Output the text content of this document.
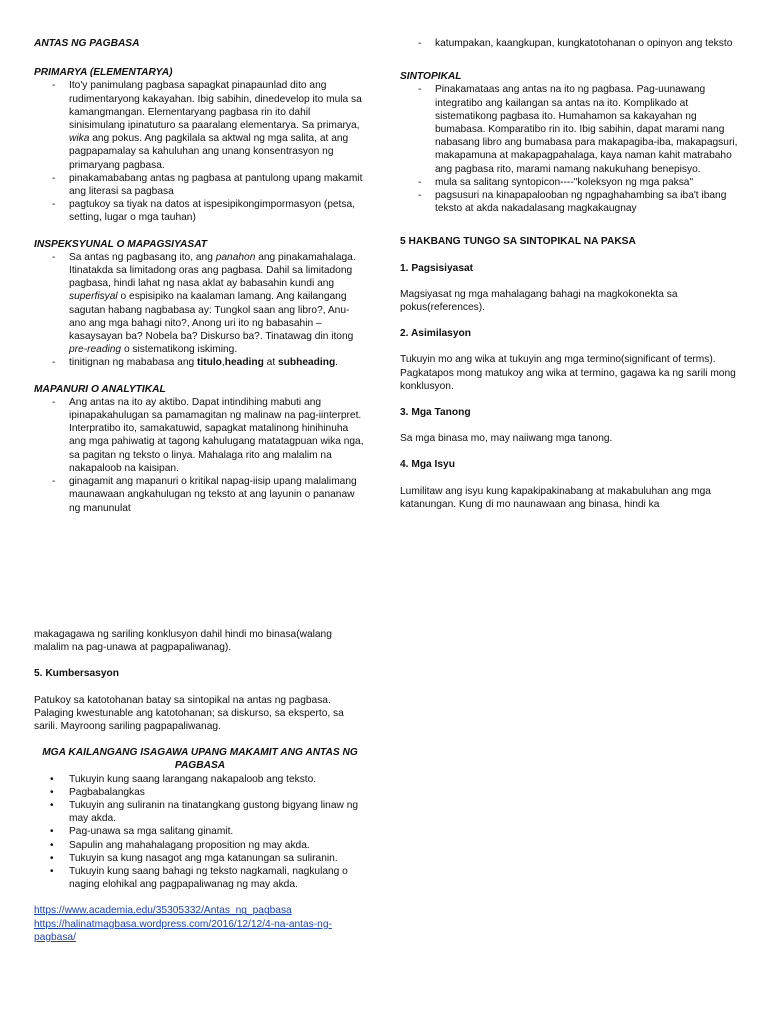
ANTAS NG PAGBASA

PRIMARYA (ELEMENTARYA)

- Ito'y panimulang pagbasa sapagkat pinapaunlad dito ang rudimentaryong kakayahan. Ibig sabihin, dinedevelop ito mula sa kamangmangan. Elementaryang pagbasa rin ito dahil sinisimulang ipinatuturo sa paaralang elementarya. Sa primarya, wika ang pokus. Ang pagkilala sa aktwal ng mga salita, at ang pagpapamalay sa kahuluhan ang unang konsentrasyon ng primaryang pagbasa.
- pinakamababang antas ng pagbasa at pantulong upang makamit ang literasi sa pagbasa
- pagtukoy sa tiyak na datos at ispesipikongimpormasyon (petsa, setting, lugar o mga tauhan)

INSPEKSYUNAL O MAPAGSIYASAT

- Sa antas ng pagbasang ito, ang panahon ang pinakamahalaga. Itinatakda sa limitadong oras ang pagbasa. Dahil sa limitadong pagbasa, hindi lahat ng nasa aklat ay babasahin kundi ang superfisyal o espisipiko na kaalaman lamang. Ang kailangang sagutan habang nagbabasa ay: Tungkol saan ang libro?, Anu-ano ang mga bahagi nito?, Anong uri ito ng babasahin – kasaysayan ba? Nobela ba? Diskurso ba?. Tinatawag din itong pre-reading o sistematikong iskiming.
- tinitignan ng mababasa ang titulo,heading at subheading.

MAPANURI O ANALYTIKAL

- Ang antas na ito ay aktibo. Dapat intindihing mabuti ang ipinapakahulugan sa pamamagitan ng malinaw na pag-iinterpret. Interpratibo ito, samakatuwid, sapagkat matalinong hinihinuha ang mga pahiwatig at tagong kahulugang matatagpuan wika nga, sa pagitan ng teksto o linya. Mahalaga rito ang malalim na nakapaloob na kaisipan.
- ginagamit ang mapanuri o kritikal napag-iisip upang malalimang maunawaan angkahulugan ng teksto at ang layunin o pananaw ng manunulat
- katumpakan, kaangkupan, kungkatotohanan o opinyon ang teksto

SINTOPIKAL

- Pinakamataas ang antas na ito ng pagbasa. Pag-uunawang integratibo ang kailangan sa antas na ito. Komplikado at sistematikong pagbasa ito. Humahamon sa kakayahan ng bumabasa. Komparatibo rin ito. Ibig sabihin, dapat marami nang nabasang libro ang bumabasa para makapagiba-iba, makapagsuri, makapamuna at makapagpahalaga, kaya naman kahit matrabaho ang pagbasa rito, marami namang nakukuhang benepisyo.
- mula sa salitang syntopicon----"koleksyon ng mga paksa"
- pagsusuri na kinapapalooban ng ngpaghahambing sa iba't ibang teksto at akda nakadalasang magkakaugnay

5 HAKBANG TUNGO SA SINTOPIKAL NA PAKSA

1. Pagsisiyasat

Magsiyasat ng mga mahalagang bahagi na magkokonekta sa pokus(references).

2. Asimilasyon

Tukuyin mo ang wika at tukuyin ang mga termino(significant of terms). Pagkatapos mong matukoy ang wika at termino, gagawa ka ng sarili mong konklusyon.

3. Mga Tanong

Sa mga binasa mo, may naiiwang mga tanong.

4. Mga Isyu

Lumilitaw ang isyu kung kapakipakinabang at makabuluhan ang mga katanungan. Kung di mo naunawaan ang binasa, hindi ka

makagagawa ng sariling konklusyon dahil hindi mo binasa(walang malalim na pag-unawa at pagpapaliwanag).

5. Kumbersasyon

Patukoy sa katotohanan batay sa sintopikal na antas ng pagbasa. Palaging kwestunable ang katotohanan; sa diskurso, sa eksperto, sa sarili. Mayroong sariling pagpapaliwanag.

MGA KAILANGANG ISAGAWA UPANG MAKAMIT ANG ANTAS NG PAGBASA

• Tukuyin kung saang larangang nakapaloob ang teksto.
• Pagbabalangkas
• Tukuyin ang suliranin na tinatangkang gustong bigyang linaw ng may akda.
• Pag-unawa sa mga salitang ginamit.
• Sapulin ang mahahalagang proposition ng may akda.
• Tukuyin sa kung nasagot ang mga katanungan sa suliranin.
• Tukuyin kung saang bahagi ng teksto nagkamali, nagkulang o naging elohikal ang pagpapaliwanag ng may akda.

https://www.academia.edu/35305332/Antas_ng_pagbasa
https://halinatmagbasa.wordpress.com/2016/12/12/4-na-antas-ng-pagbasa/
